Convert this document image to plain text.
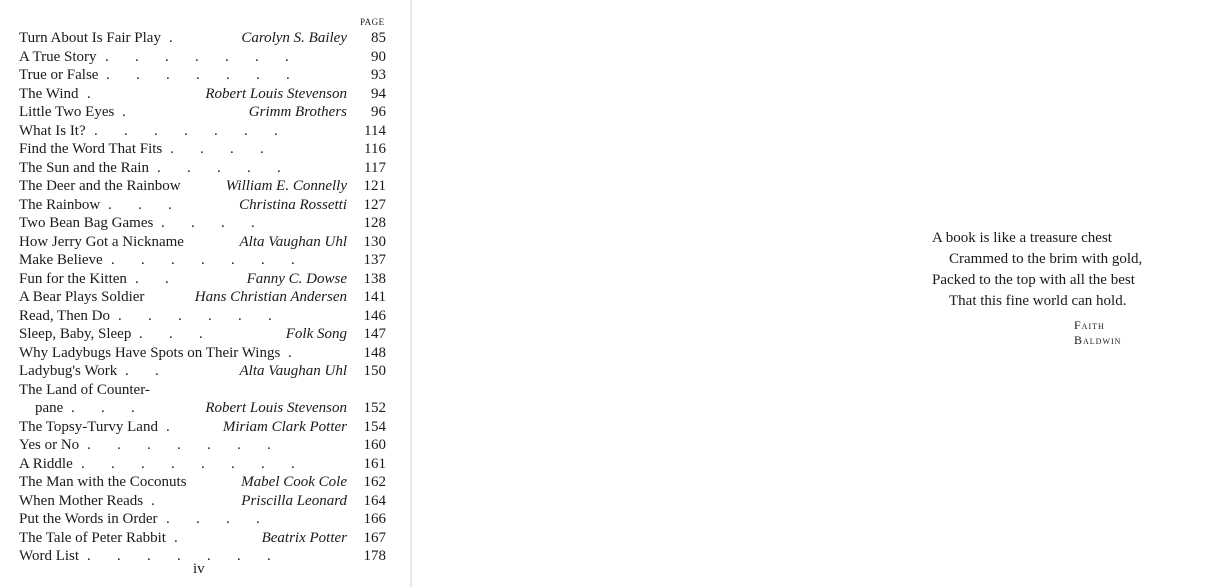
PAGE
Turn About Is Fair Play .	Carolyn S. Bailey	85
A True Story .       .       .       .       .       .       .	90
True or False .       .       .       .       .       .       .	93
The Wind .	Robert Louis Stevenson	94
Little Two Eyes .	Grimm Brothers	96
What Is It? .       .       .       .       .       .       .	114
Find the Word That Fits .       .       .       .	116
The Sun and the Rain .       .       .       .       .	117
The Deer and the Rainbow	William E. Connelly	121
The Rainbow .       .       .	Christina Rossetti	127
Two Bean Bag Games .       .       .       .	128
How Jerry Got a Nickname	Alta Vaughan Uhl	130
Make Believe .       .       .       .       .       .       .	137
Fun for the Kitten .       .	Fanny C. Dowse	138
A Bear Plays Soldier	Hans Christian Andersen	141
Read, Then Do .       .       .       .       .       .	146
Sleep, Baby, Sleep .       .       .	Folk Song	147
Why Ladybugs Have Spots on Their Wings .	148
Ladybug's Work .       .	Alta Vaughan Uhl	150
The Land of Counter-
pane .       .       .	Robert Louis Stevenson	152
The Topsy-Turvy Land .	Miriam Clark Potter	154
Yes or No .       .       .       .       .       .       .	160
A Riddle .       .       .       .       .       .       .       .	161
The Man with the Coconuts	Mabel Cook Cole	162
When Mother Reads .	Priscilla Leonard	164
Put the Words in Order .       .       .       .	166
The Tale of Peter Rabbit .	Beatrix Potter	167
Word List .       .       .       .       .       .       .	178
iv
A book is like a treasure chest
Crammed to the brim with gold,
Packed to the top with all the best
That this fine world can hold.
Faith Baldwin
